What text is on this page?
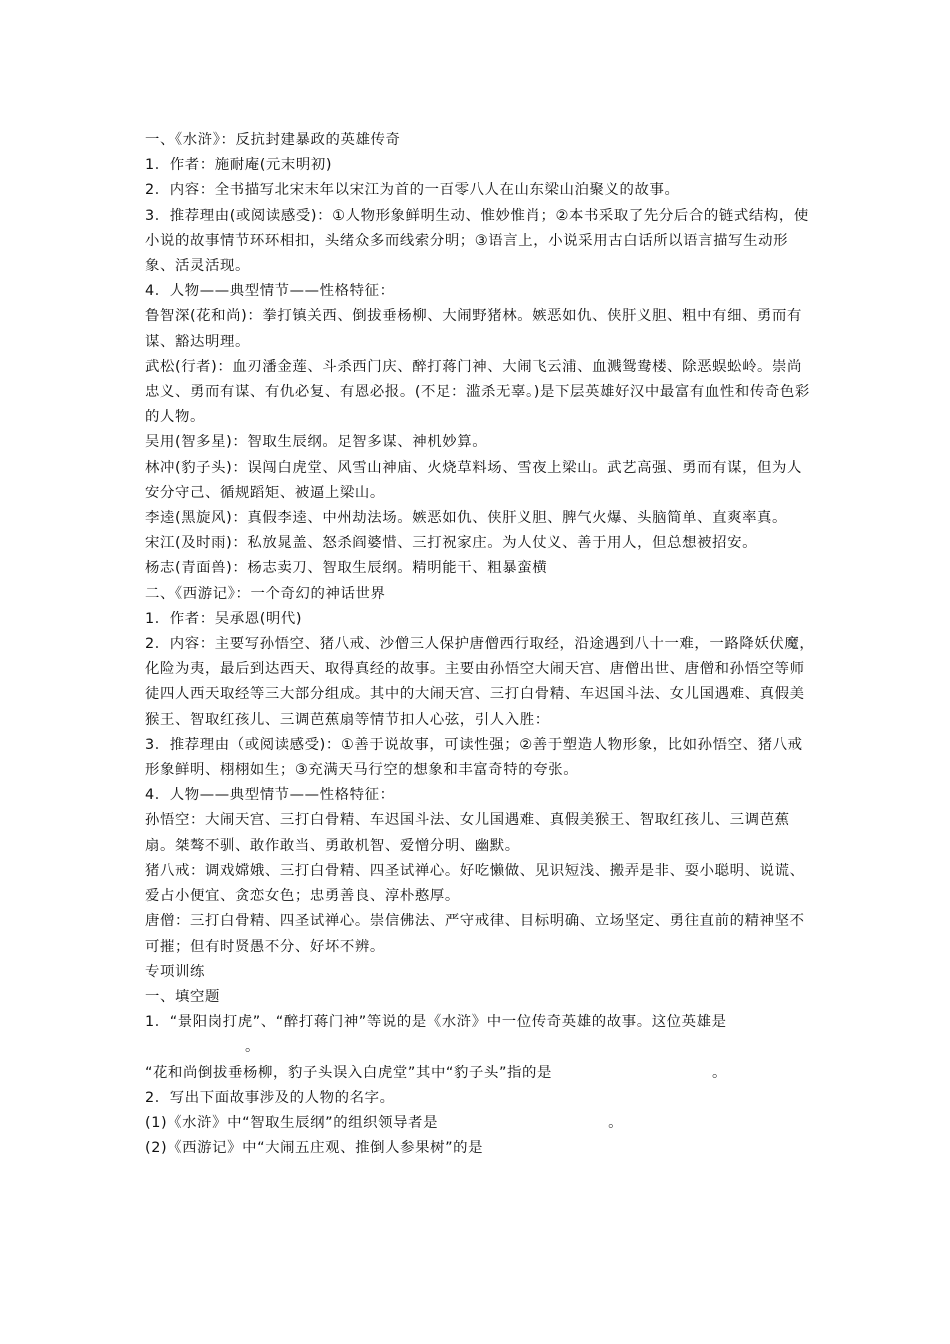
一、《水浒》：反抗封建暴政的英雄传奇

1．作者：施耐庵(元末明初)

2．内容：全书描写北宋末年以宋江为首的一百零八人在山东梁山泊聚义的故事。

3．推荐理由(或阅读感受)：①人物形象鲜明生动、惟妙惟肖；②本书采取了先分后合的链式结构，使小说的故事情节环环相扣，头绪众多而线索分明；③语言上，小说采用古白话所以语言描写生动形象、活灵活现。

4．人物——典型情节——性格特征：

鲁智深(花和尚)：拳打镇关西、倒拔垂杨柳、大闹野猪林。嫉恶如仇、侠肝义胆、粗中有细、勇而有谋、豁达明理。

武松(行者)：血刃潘金莲、斗杀西门庆、醉打蒋门神、大闹飞云浦、血溅鸳鸯楼、除恶蜈蚣岭。崇尚忠义、勇而有谋、有仇必复、有恩必报。(不足：滥杀无辜。)是下层英雄好汉中最富有血性和传奇色彩的人物。

吴用(智多星)：智取生辰纲。足智多谋、神机妙算。

林冲(豹子头)：误闯白虎堂、风雪山神庙、火烧草料场、雪夜上梁山。武艺高强、勇而有谋，但为人安分守己、循规蹈矩、被逼上梁山。

李逵(黑旋风)：真假李逵、中州劫法场。嫉恶如仇、侠肝义胆、脾气火爆、头脑简单、直爽率真。

宋江(及时雨)：私放晁盖、怒杀阎婆惜、三打祝家庄。为人仗义、善于用人，但总想被招安。

杨志(青面兽)：杨志卖刀、智取生辰纲。精明能干、粗暴蛮横

二、《西游记》：一个奇幻的神话世界

1．作者：吴承恩(明代)

2．内容：主要写孙悟空、猪八戒、沙僧三人保护唐僧西行取经，沿途遇到八十一难，一路降妖伏魔，化险为夷，最后到达西天、取得真经的故事。主要由孙悟空大闹天宫、唐僧出世、唐僧和孙悟空等师徒四人西天取经等三大部分组成。其中的大闹天宫、三打白骨精、车迟国斗法、女儿国遇难、真假美猴王、智取红孩儿、三调芭蕉扇等情节扣人心弦，引人入胜：

3．推荐理由（或阅读感受)：①善于说故事，可读性强；②善于塑造人物形象，比如孙悟空、猪八戒形象鲜明、栩栩如生；③充满天马行空的想象和丰富奇特的夸张。

4．人物——典型情节——性格特征：

孙悟空：大闹天宫、三打白骨精、车迟国斗法、女儿国遇难、真假美猴王、智取红孩儿、三调芭蕉扇。桀骜不驯、敢作敢当、勇敢机智、爱憎分明、幽默。

猪八戒：调戏嫦娥、三打白骨精、四圣试禅心。好吃懒做、见识短浅、搬弄是非、耍小聪明、说谎、爱占小便宜、贪恋女色；忠勇善良、淳朴憨厚。

唐僧：三打白骨精、四圣试禅心。崇信佛法、严守戒律、目标明确、立场坚定、勇往直前的精神坚不可摧；但有时贤愚不分、好坏不辨。

专项训练

一、填空题

1．“景阳岗打虎”、“醉打蒋门神”等说的是《水浒》中一位传奇英雄的故事。这位英雄是。

“花和尚倒拔垂杨柳，豹子头误入白虎堂”其中“豹子头”指的是	。

2．写出下面故事涉及的人物的名字。

(1)《水浒》中“智取生辰纲”的组织领导者是	。

(2)《西游记》中“大闹五庄观、推倒人参果树”的是
